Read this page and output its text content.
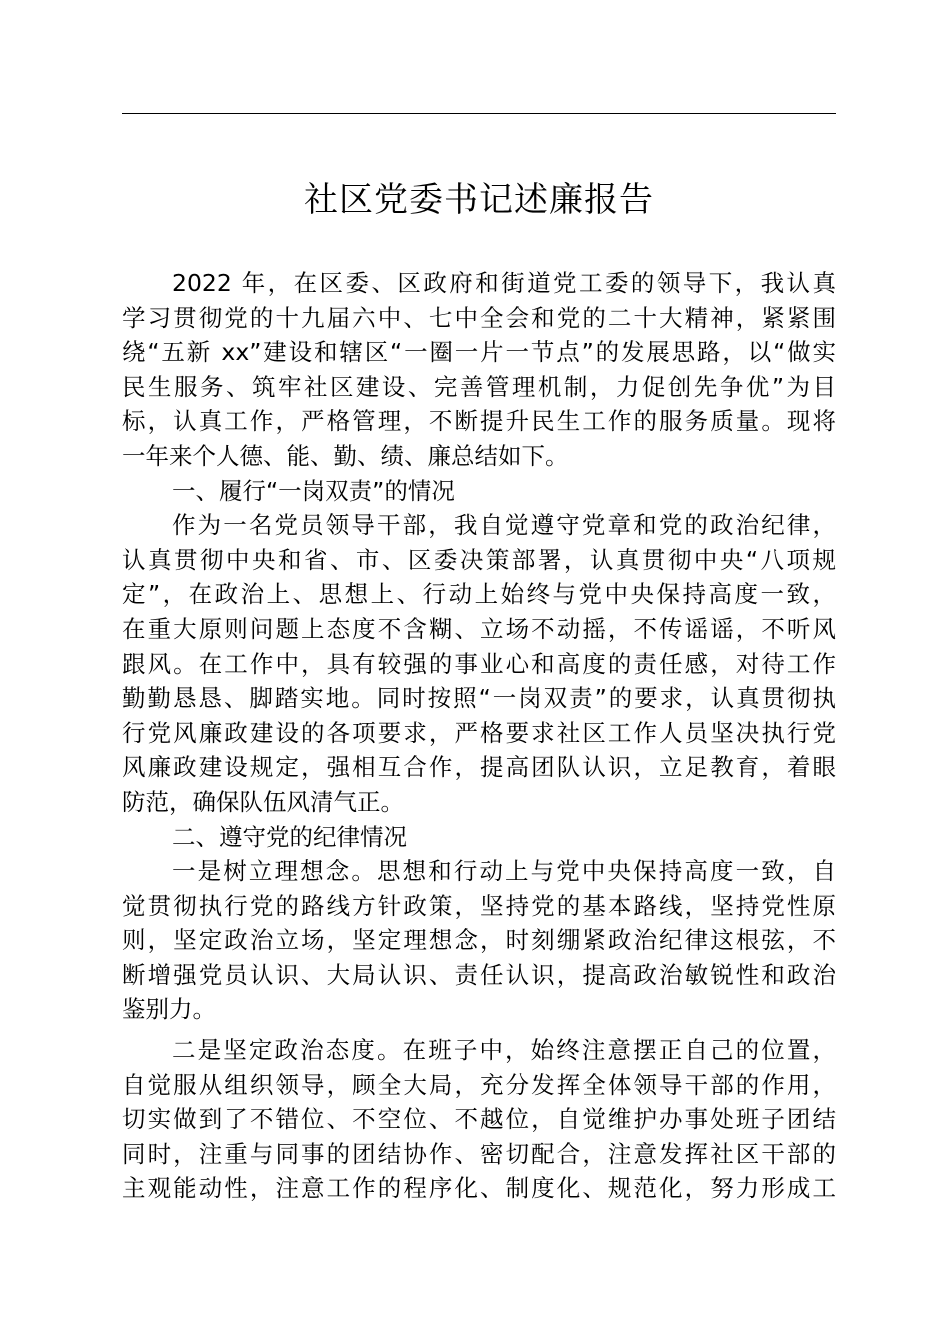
社区党委书记述廉报告
2022 年，在区委、区政府和街道党工委的领导下，我认真
学习贯彻党的十九届六中、七中全会和党的二十大精神，紧紧围
绕“五新 xx”建设和辖区“一圈一片一节点”的发展思路，以“做实
民生服务、筑牢社区建设、完善管理机制，力促创先争优”为目
标，认真工作，严格管理，不断提升民生工作的服务质量。现将
一年来个人德、能、勤、绩、廉总结如下。
一、履行“一岗双责”的情况
作为一名党员领导干部，我自觉遵守党章和党的政治纪律，
认真贯彻中央和省、市、区委决策部署，认真贯彻中央“八项规
定”，在政治上、思想上、行动上始终与党中央保持高度一致，
在重大原则问题上态度不含糊、立场不动摇，不传谣谣，不听风
跟风。在工作中，具有较强的事业心和高度的责任感，对待工作
勤勤恳恳、脚踏实地。同时按照“一岗双责”的要求，认真贯彻执
行党风廉政建设的各项要求，严格要求社区工作人员坚决执行党
风廉政建设规定，强相互合作，提高团队认识，立足教育，着眼
防范，确保队伍风清气正。
二、遵守党的纪律情况
一是树立理想念。思想和行动上与党中央保持高度一致，自
觉贯彻执行党的路线方针政策，坚持党的基本路线，坚持党性原
则，坚定政治立场，坚定理想念，时刻绷紧政治纪律这根弦，不
断增强党员认识、大局认识、责任认识，提高政治敏锐性和政治
鉴别力。
二是坚定政治态度。在班子中，始终注意摆正自己的位置，
自觉服从组织领导，顾全大局，充分发挥全体领导干部的作用，
切实做到了不错位、不空位、不越位，自觉维护办事处班子团结
同时，注重与同事的团结协作、密切配合，注意发挥社区干部的
主观能动性，注意工作的程序化、制度化、规范化，努力形成工
